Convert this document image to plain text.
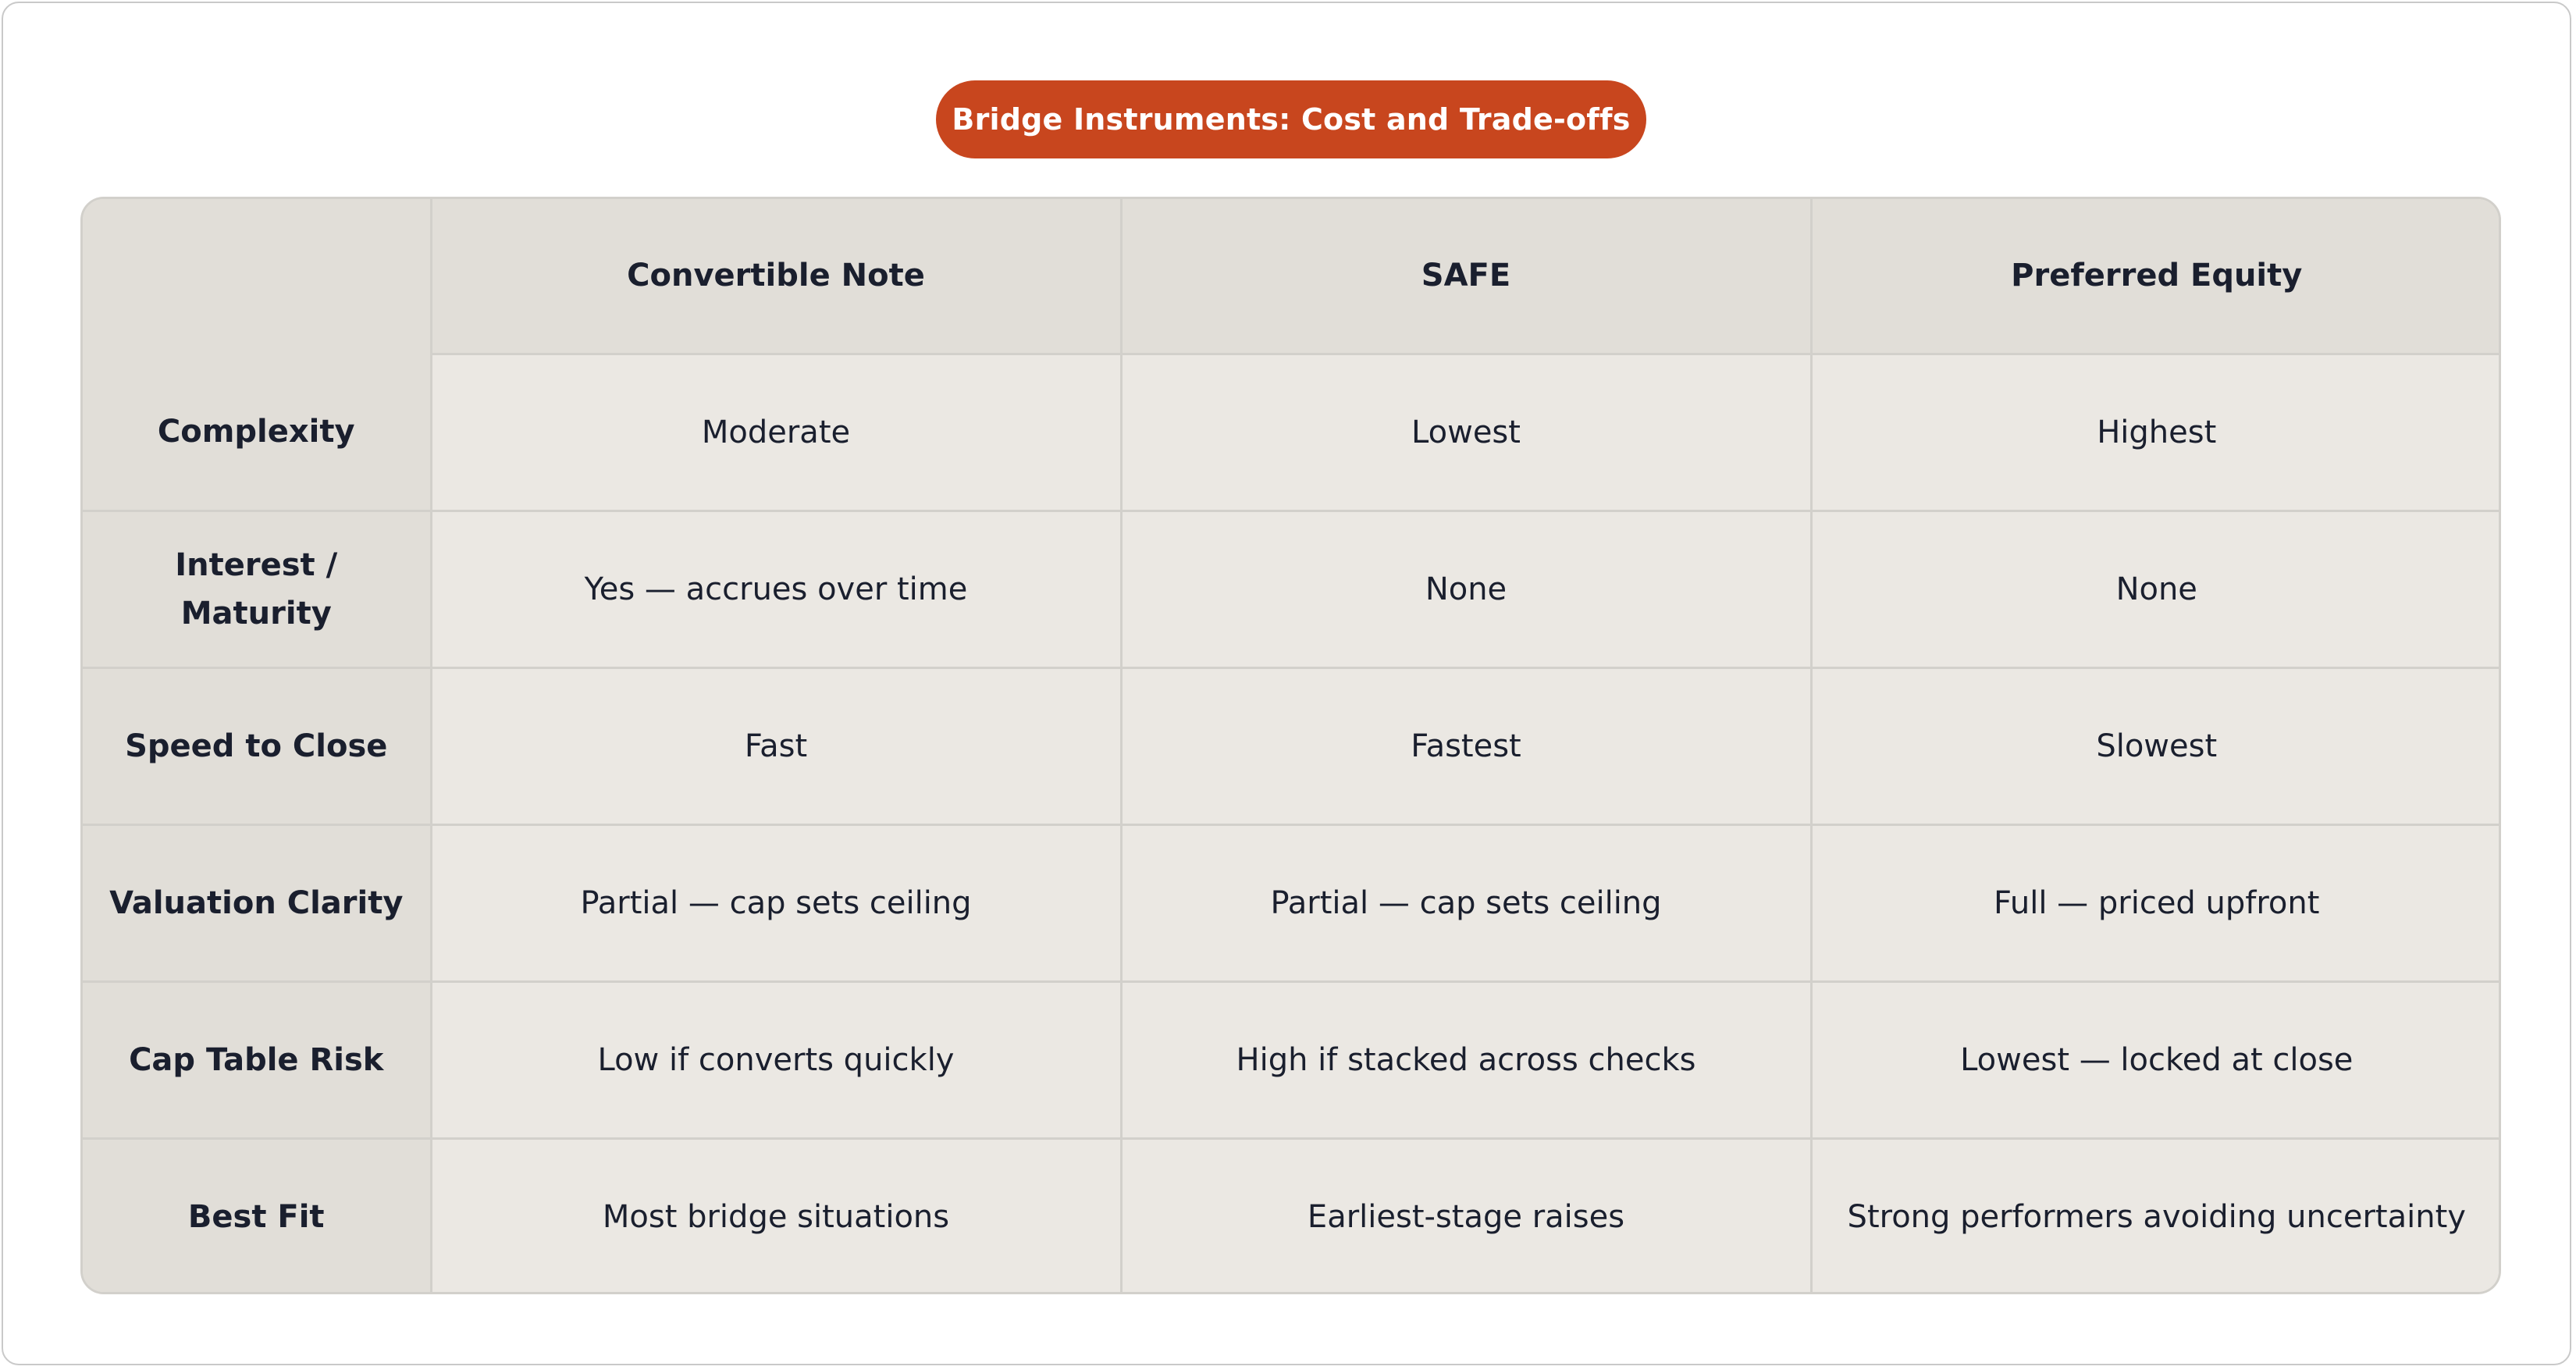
Bridge Instruments: Cost and Trade-offs
	Convertible Note	SAFE	Preferred Equity
Complexity	Moderate	Lowest	Highest
Interest /
Maturity	Yes — accrues over time	None	None
Speed to Close	Fast	Fastest	Slowest
Valuation Clarity	Partial — cap sets ceiling	Partial — cap sets ceiling	Full — priced upfront
Cap Table Risk	Low if converts quickly	High if stacked across checks	Lowest — locked at close
Best Fit	Most bridge situations	Earliest-stage raises	Strong performers avoiding uncertainty
